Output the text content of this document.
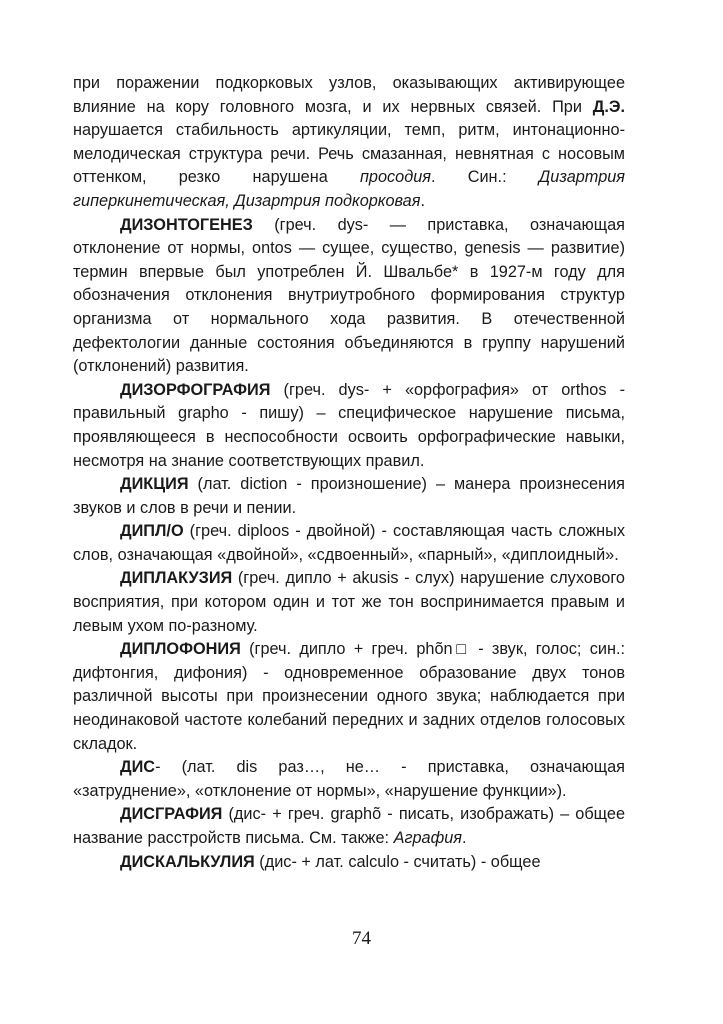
при поражении подкорковых узлов, оказывающих активирующее влияние на кору головного мозга, и их нервных связей. При Д.Э. нарушается стабильность артикуляции, темп, ритм, интонационно-мелодическая структура речи. Речь смазанная, невнятная с носовым оттенком, резко нарушена просодия. Син.: Дизартрия гиперкинетическая, Дизартрия подкорковая.

ДИЗОНТОГЕНЕЗ (греч. dys- — приставка, означающая отклонение от нормы, ontos — сущее, существо, genesis — развитие) термин впервые был употреблен Й. Швальбе* в 1927-м году для обозначения отклонения внутриутробного формирования структур организма от нормального хода развития. В отечественной дефектологии данные состояния объединяются в группу нарушений (отклонений) развития.

ДИЗОРФОГРАФИЯ (греч. dys- + «орфография» от orthos - правильный grapho - пишу) – специфическое нарушение письма, проявляющееся в неспособности освоить орфографические навыки, несмотря на знание соответствующих правил.

ДИКЦИЯ (лат. diction - произношение) – манера произнесения звуков и слов в речи и пении.

ДИПЛ/О (греч. diploos - двойной) - составляющая часть сложных слов, означающая «двойной», «сдвоенный», «парный», «диплоидный».

ДИПЛАКУЗИЯ (греч. дипло + akusis - слух) нарушение слухового восприятия, при котором один и тот же тон воспринимается правым и левым ухом по-разному.

ДИПЛОФОНИЯ (греч. дипло + греч. phõn□ - звук, голос; син.: дифтонгия, дифония) - одновременное образование двух тонов различной высоты при произнесении одного звука; наблюдается при неодинаковой частоте колебаний передних и задних отделов голосовых складок.

ДИС- (лат. dis раз…, не… - приставка, означающая «затруднение», «отклонение от нормы», «нарушение функции»).

ДИСГРАФИЯ (дис- + греч. graphõ - писать, изображать) – общее название расстройств письма. См. также: Аграфия.

ДИСКАЛЬКУЛИЯ (дис- + лат. calculo - считать) - общее

74
